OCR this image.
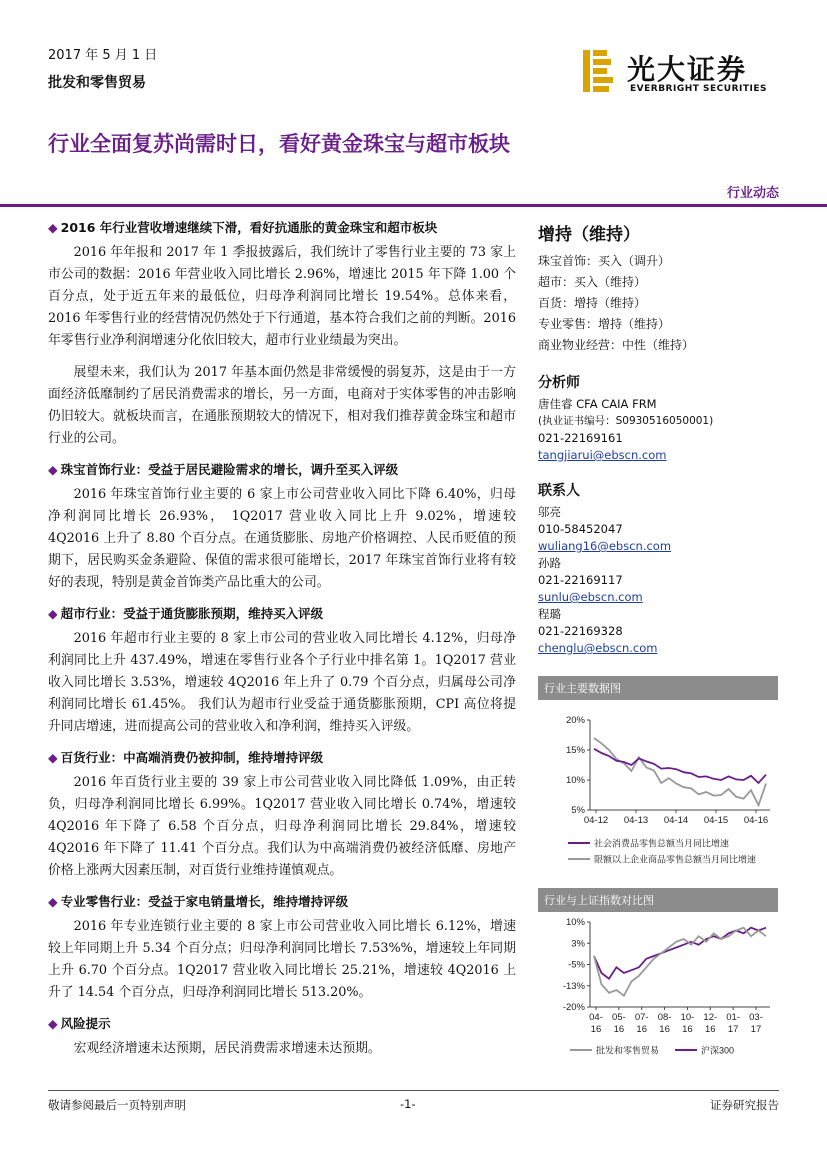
2017 年 5 月 1 日
批发和零售贸易	光大证券
EVERBRIGHT SECURITIES
行业全面复苏尚需时日，看好黄金珠宝与超市板块
行业动态
◆ 2016 年行业营收增速继续下滑，看好抗通胀的黄金珠宝和超市板块

2016 年年报和 2017 年 1 季报披露后，我们统计了零售行业主要的 73 家上市公司的数据：2016 年营业收入同比增长 2.96%，增速比 2015 年下降 1.00 个百分点，处于近五年来的最低位，归母净利润同比增长 19.54%。总体来看，2016 年零售行业的经营情况仍然处于下行通道，基本符合我们之前的判断。2016 年零售行业净利润增速分化依旧较大，超市行业业绩最为突出。

展望未来，我们认为 2017 年基本面仍然是非常缓慢的弱复苏，这是由于一方面经济低靡制约了居民消费需求的增长，另一方面，电商对于实体零售的冲击影响仍旧较大。就板块而言，在通胀预期较大的情况下，相对我们推荐黄金珠宝和超市行业的公司。

◆ 珠宝首饰行业：受益于居民避险需求的增长，调升至买入评级

2016 年珠宝首饰行业主要的 6 家上市公司营业收入同比下降 6.40%，归母净利润同比增长 26.93%， 1Q2017 营业收入同比上升 9.02%，增速较 4Q2016 上升了 8.80 个百分点。在通货膨胀、房地产价格调控、人民币贬值的预期下，居民购买金条避险、保值的需求很可能增长，2017 年珠宝首饰行业将有较好的表现，特别是黄金首饰类产品比重大的公司。

◆ 超市行业：受益于通货膨胀预期，维持买入评级

2016 年超市行业主要的 8 家上市公司的营业收入同比增长 4.12%，归母净利润同比上升 437.49%，增速在零售行业各个子行业中排名第 1。1Q2017 营业收入同比增长 3.53%，增速较 4Q2016 年上升了 0.79 个百分点，归属母公司净利润同比增长 61.45%。 我们认为超市行业受益于通货膨胀预期，CPI 高位将提升同店增速，进而提高公司的营业收入和净利润，维持买入评级。

◆ 百货行业：中高端消费仍被抑制，维持增持评级

2016 年百货行业主要的 39 家上市公司营业收入同比降低 1.09%，由正转负，归母净利润同比增长 6.99%。1Q2017 营业收入同比增长 0.74%，增速较 4Q2016 年下降了 6.58 个百分点，归母净利润同比增长 29.84%，增速较 4Q2016 年下降了 11.41 个百分点。我们认为中高端消费仍被经济低靡、房地产价格上涨两大因素压制，对百货行业维持谨慎观点。

◆ 专业零售行业：受益于家电销量增长，维持增持评级

2016 年专业连锁行业主要的 8 家上市公司营业收入同比增长 6.12%，增速较上年同期上升 5.34 个百分点；归母净利润同比增长 7.53%%，增速较上年同期上升 6.70 个百分点。1Q2017 营业收入同比增长 25.21%，增速较 4Q2016 上升了 14.54 个百分点，归母净利润同比增长 513.20%。

◆ 风险提示

宏观经济增速未达预期，居民消费需求增速未达预期。

增持（维持）
珠宝首饰：买入（调升）
超市：买入（维持）
百货：增持（维持）
专业零售：增持（维持）
商业物业经营：中性（维持）
分析师
唐佳睿 CFA CAIA FRM
(执业证书编号：S0930516050001)
021-22169161
tangjiarui@ebscn.com
联系人
邬亮
010-58452047
wuliang16@ebscn.com
孙路
021-22169117
sunlu@ebscn.com
程璐
021-22169328
chenglu@ebscn.com
行业主要数据图
20%
15%
10%
5%
04-12 04-13 04-14 04-15 04-16
社会消费品零售总额当月同比增速
限额以上企业商品零售总额当月同比增速
行业与上证指数对比图
10%
3%
-5%
-13%
-20%
04-
16
05-
16
07-
16
08-
16
10-
16
12-
16
01-
17
03-
17
批发和零售贸易	沪深300
敬请参阅最后一页特别声明	-1-	证券研究报告
